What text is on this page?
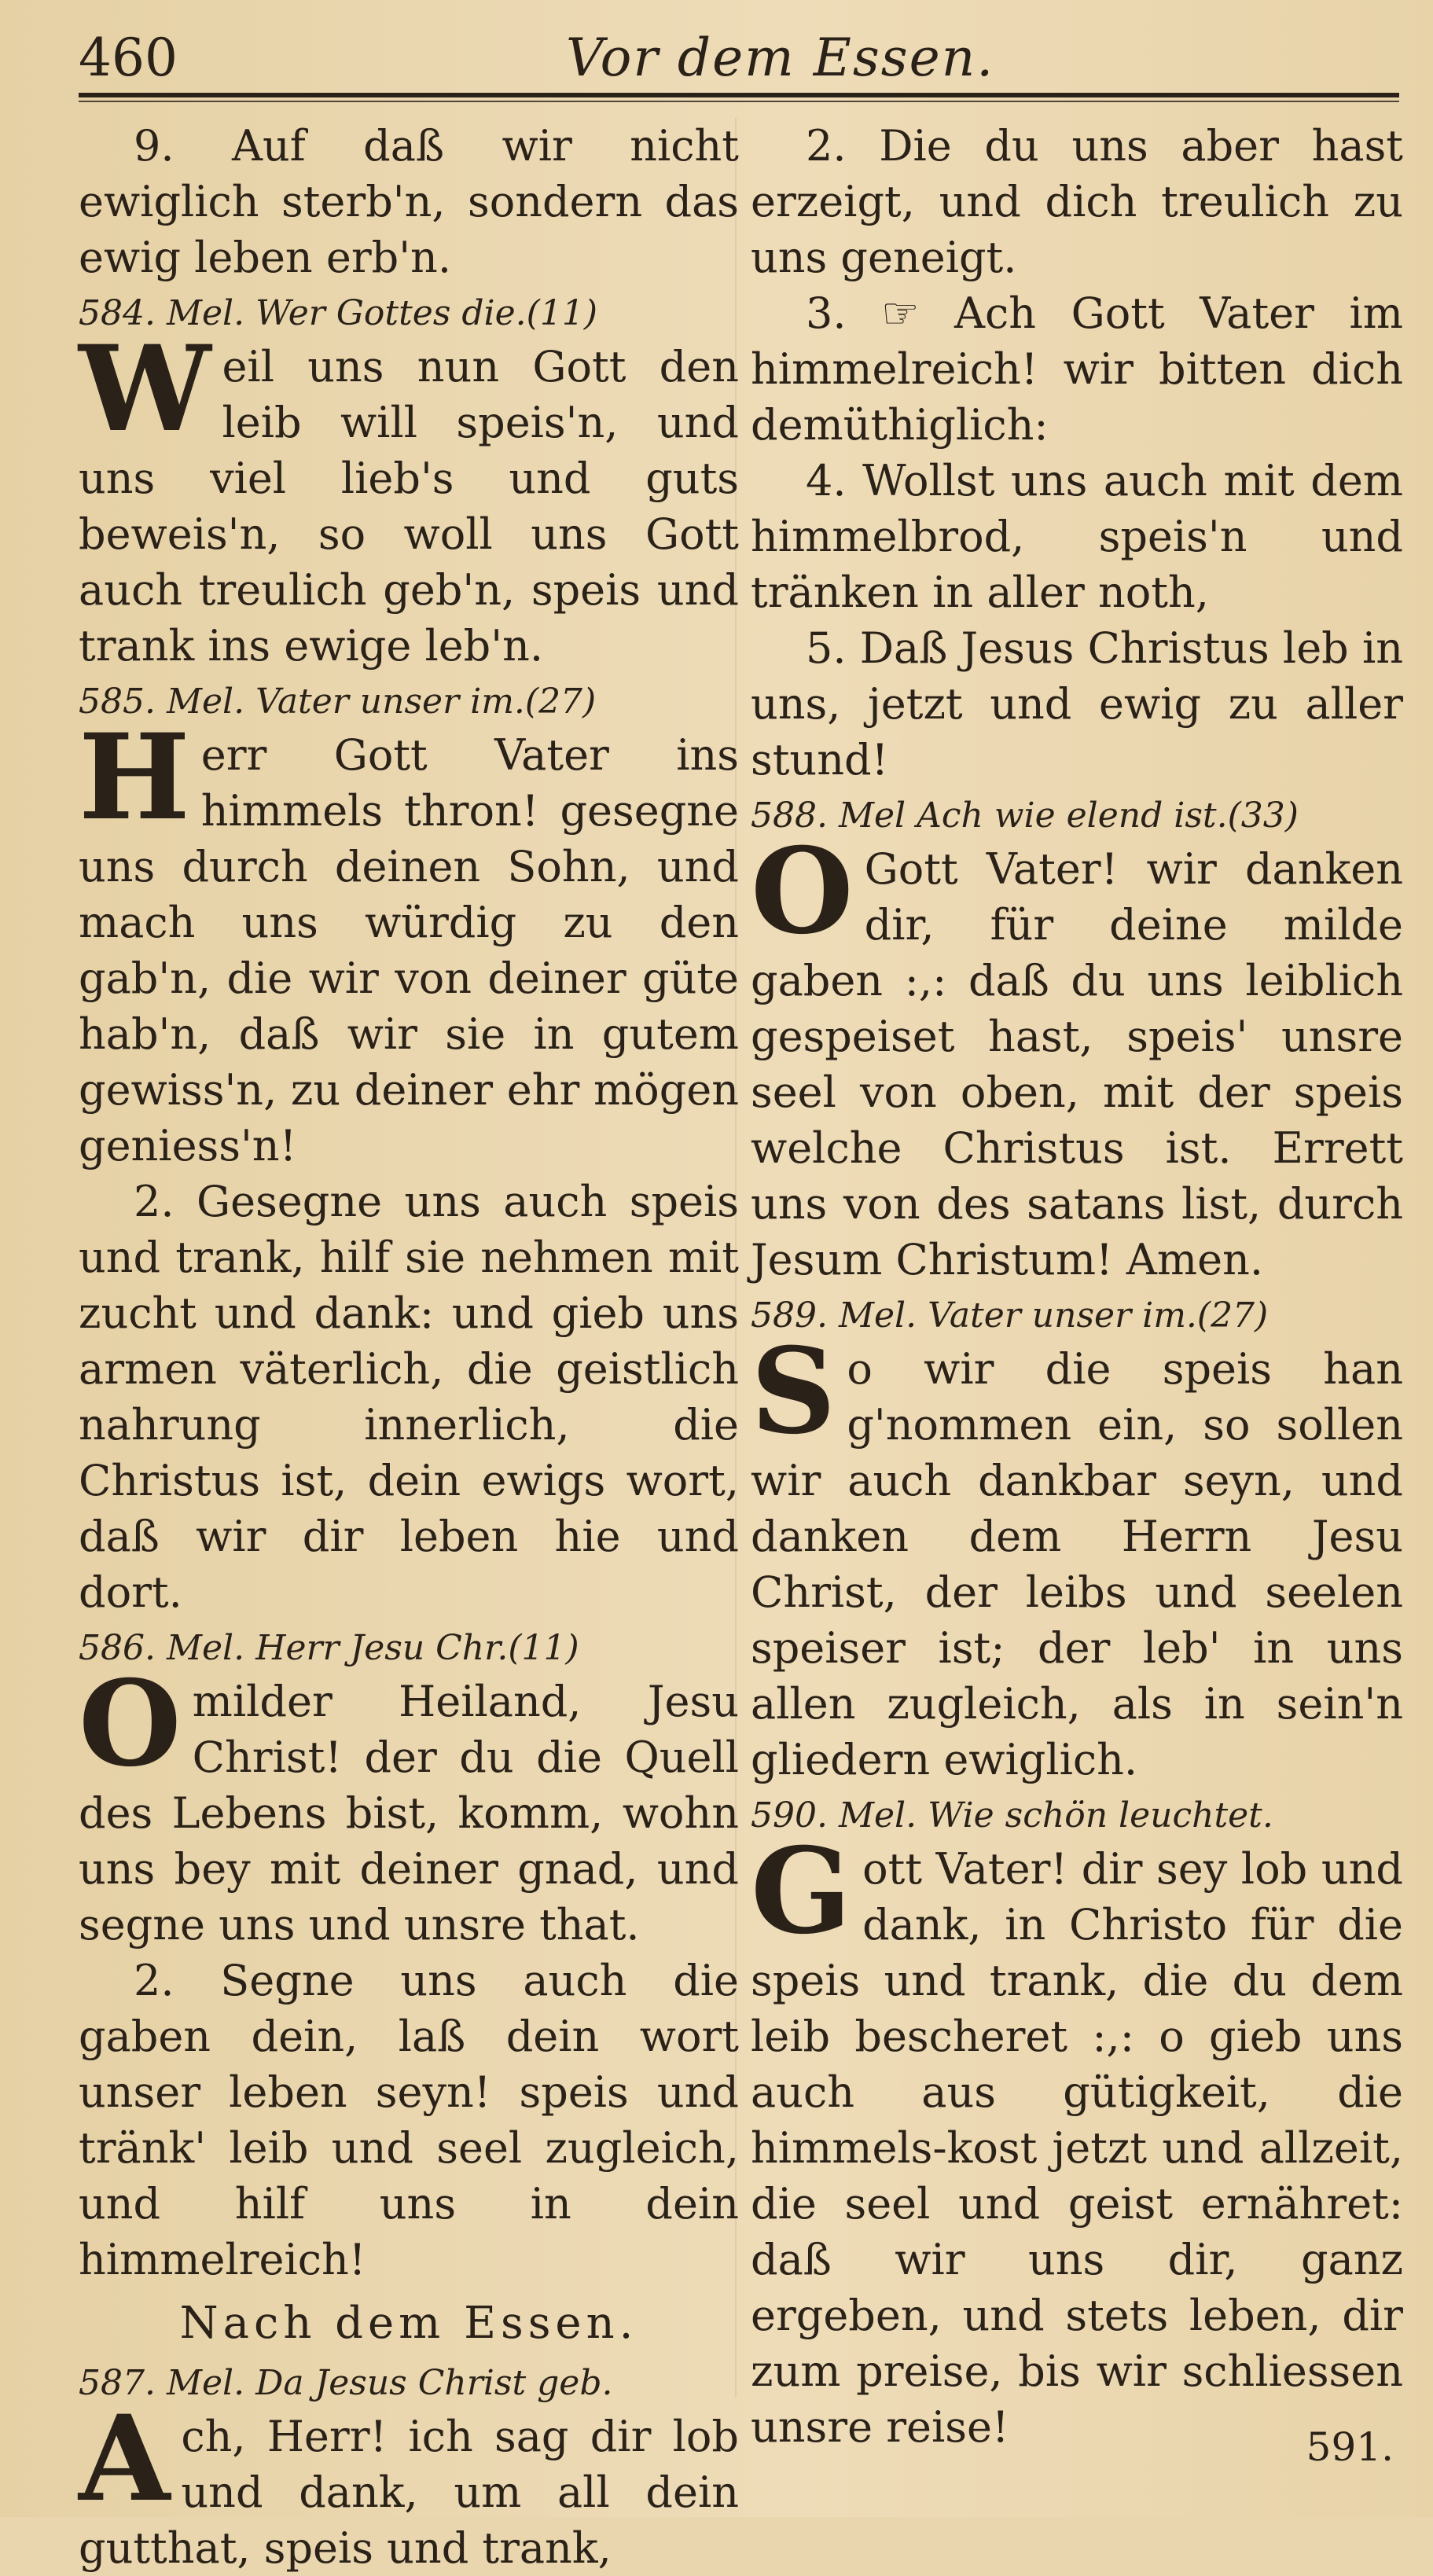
460	Vor dem Essen.

9. Auf daß wir nicht ewiglich sterb'n, sondern das ewig leben erb'n.

584. Mel. Wer Gottes die.(11)

Weil uns nun Gott den leib will speis'n, und uns viel lieb's und guts beweis'n, so woll uns Gott auch treulich geb'n, speis und trank ins ewige leb'n.

585. Mel. Vater unser im.(27)

Herr Gott Vater ins himmels thron! gesegne uns durch deinen Sohn, und mach uns würdig zu den gab'n, die wir von deiner güte hab'n, daß wir sie in gutem gewiss'n, zu deiner ehr mögen geniess'n!

2. Gesegne uns auch speis und trank, hilf sie nehmen mit zucht und dank: und gieb uns armen väterlich, die geistlich nahrung innerlich, die Christus ist, dein ewigs wort, daß wir dir leben hie und dort.

586. Mel. Herr Jesu Chr.(11)

Omilder Heiland, Jesu Christ! der du die Quell des Lebens bist, komm, wohn uns bey mit deiner gnad, und segne uns und unsre that.

2. Segne uns auch die gaben dein, laß dein wort unser leben seyn! speis und tränk' leib und seel zugleich, und hilf uns in dein himmelreich!

Nach dem Essen.

587. Mel. Da Jesus Christ geb.

Ach, Herr! ich sag dir lob und dank, um all dein gutthat, speis und trank,

2. Die du uns aber hast erzeigt, und dich treulich zu uns geneigt.

3. ☞ Ach Gott Vater im himmelreich! wir bitten dich demüthiglich:

4. Wollst uns auch mit dem himmelbrod, speis'n und tränken in aller noth,

5. Daß Jesus Christus leb in uns, jetzt und ewig zu aller stund!

588. Mel Ach wie elend ist.(33)

O Gott Vater! wir danken dir, für deine milde gaben :,: daß du uns leiblich gespeiset hast, speis' unsre seel von oben, mit der speis welche Christus ist. Errett uns von des satans list, durch Jesum Christum! Amen.

589. Mel. Vater unser im.(27)

So wir die speis han g'nommen ein, so sollen wir auch dankbar seyn, und danken dem Herrn Jesu Christ, der leibs und seelen speiser ist; der leb' in uns allen zugleich, als in sein'n gliedern ewiglich.

590. Mel. Wie schön leuchtet.

Gott Vater! dir sey lob und dank, in Christo für die speis und trank, die du dem leib bescheret :,: o gieb uns auch aus gütigkeit, die himmels-kost jetzt und allzeit, die seel und geist ernähret: daß wir uns dir, ganz ergeben, und stets leben, dir zum preise, bis wir schliessen unsre reise!	591.
